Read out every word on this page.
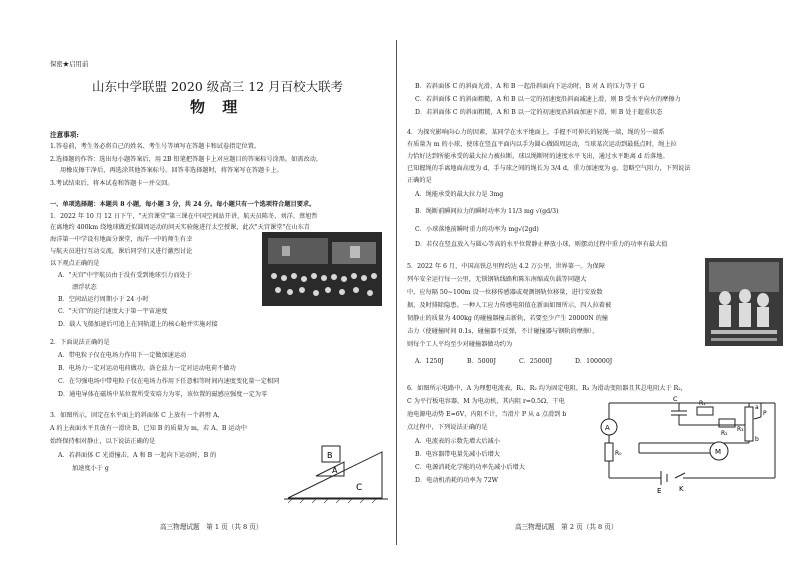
保密★启用前
山东中学联盟 2020 级高三 12 月百校大联考
物 理
注意事项:
1.答卷前，考生务必将自己的姓名、考生号等填写在答题卡和试卷指定位置。
2.选择题的作答：选出每小题答案后，用 2B 铅笔把答题卡上对应题目的答案标号涂黑。如需改动，
用橡皮擦干净后，再选涂其他答案标号。回答非选择题时，将答案写在答题卡上。
3.考试结束后，将本试卷和答题卡一并交回。
一、单项选择题：本题共 8 小题，每小题 3 分，共 24 分。每小题只有一个选项符合题目要求。
1．2022 年 10 月 12 日下午，"天宫课堂"第三课在中国空间站开讲，航天员陈冬、刘洋、蔡旭哲
在离地约 400km 绕地球做近似圆周运动的问天实验舱进行太空授课，此次"天宫课堂"在山东青
海洋第一中学设有地面分课堂，海洋一中的师生有幸
与航天员进行互动交流，课后同学们又进行激烈讨论
以下观点正确的是
A．"天宫"中宇航员由于没有受到地球引力而处于
漂浮状态
B．空间站运行周期小于 24 小时
C．"天宫"的运行速度大于第一宇宙速度
D．载人飞船加速后可追上在同轨道上的核心舱并实施对接
2．下面说法正确的是
A．带电粒子仅在电场力作用下一定做加速运动
B．电场力一定对运动电荷做功，洛仑兹力一定对运动电荷不做功
C．在匀强电场中带电粒子仅在电场力作用下任意相等时间内速度变化量一定相同
D．通电导体在磁场中某位置所受安培力为零，该位置的磁感应强度一定为零
3．如图所示，固定在水平面上的斜面体 C 上放有一个斜劈 A，
A 的上表面水平且放有一滑块 B，已知 B 的质量为 m，若 A、B 运动中
始终保持相对静止，以下说法正确的是
A．若斜面体 C 光滑撞击，A 和 B 一起向下运动时，B 的
加速度小于 g
B
A
C
高三物理试题　第 1 页（共 8 页）
B．若斜面体 C 的斜面光滑，A 和 B 一起沿斜面向下运动时，B 对 A 的压力等于 G
C．若斜面体 C 的斜面粗糙，A 和 B 以一定的初速度沿斜面减速上滑，则 B 受水平向左的摩擦力
D．若斜面体 C 的斜面粗糙，A 和 B 以一定的初速度沿斜面加速下滑，则 B 处于超重状态
4．为探究影响向心力的因素，某同学在水平地面上，手握不可伸长的轻绳一端，绳的另一端系
有质量为 m 的小球，使球在竖直平面内以手为圆心做圆周运动，当球某次运动到最低点时，绳上拉
力恰好达到所能承受的最大拉力被拉断，球以绳断时的速度水平飞出，通过水平距离 d 后落地。
已知握绳的手离地面高度为 d，手与球之间的绳长为 3/4 d，重力加速度为 g，忽略空气阻力，下列说法
正确的是
A．绳能承受的最大拉力是 3mg
B．绳断前瞬间拉力的瞬时功率为 11/3 mg √(gd/3)
C．小球落地前瞬时重力的功率为 mg√(2gd)
D．若仅在竖直放入与圆心等高的水平位置静止释放小球，则摆动过程中重力的功率有最大值
5．2022 年 6 月，中国高铁总里程约达 4.2 万公里，世界第一。为保障
列车安全运行每一公里，无锁钢轨线路和陈东南缩或负载等同题大
中，应每隔 50~100m 设一位移传感器或观测钢轨位移量，进行安放数
据，及时排除隐患。一种人工应力传感电阻值在新面如图所示，四人拉着被
韧静止的质量为 400kg 的碰撞器撞击新轨，若要至少产生 20000N 的撞
击力（使碰撞时间 0.1s，碰撞器不反弹，不计碰撞器与钢轨的摩擦），
则每个工人平均至少对碰撞器做功约为
A．1250J	B．5000J	C．25000J	D．100000J
6．如图所示电路中，A 为理想电流表，R₁、R₂ 均为固定电阻，R₃ 为滑动变阻器且其总电阻大于 R₂，
C 为平行板电容器，M 为电动机，其内阻 r=0.5Ω，干电
池电源电动势 E=6V，内阻不计，当滑片 P 从 a 点滑到 b
点过程中，下列说法正确的是
A．电流表的示数先增大后减小
B．电容器带电量先减小后增大
C．电源消耗化学能的功率先减小后增大
D．电动机消耗的功率为 72W
A
C
R₁
R₂
P
a
b
R₃
R₀	M
E	K
高三物理试题　第 2 页（共 8 页）
